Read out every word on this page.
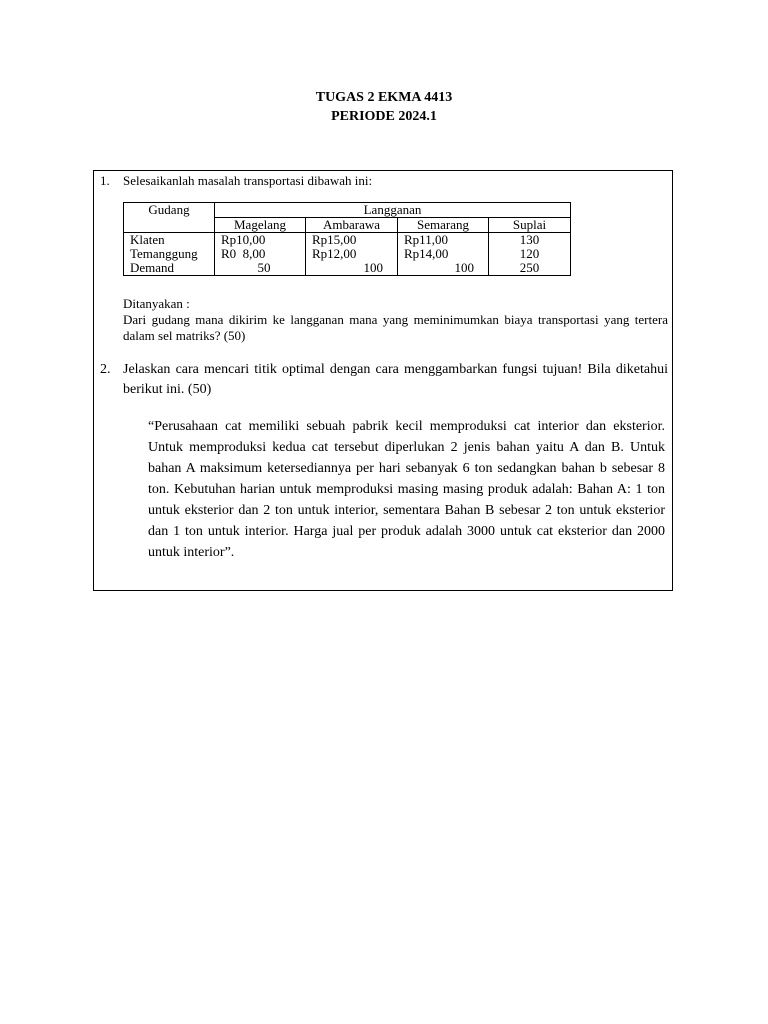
TUGAS 2 EKMA 4413
PERIODE 2024.1
1. Selesaikanlah masalah transportasi dibawah ini:
Gudang	Langganan			
	Magelang	Ambarawa	Semarang	Suplai
Klaten	Rp10,00	Rp15,00	Rp11,00	130
Temanggung	R0  8,00	Rp12,00	Rp14,00	120
Demand	50	100	100	250
Ditanyakan :
Dari gudang mana dikirim ke langganan mana yang meminimumkan biaya transportasi yang tertera dalam sel matriks? (50)
2. Jelaskan cara mencari titik optimal dengan cara menggambarkan fungsi tujuan! Bila diketahui berikut ini. (50)
“Perusahaan cat memiliki sebuah pabrik kecil memproduksi cat interior dan eksterior. Untuk memproduksi kedua cat tersebut diperlukan 2 jenis bahan yaitu A dan B. Untuk bahan A maksimum ketersediannya per hari sebanyak 6 ton sedangkan bahan b sebesar 8 ton. Kebutuhan harian untuk memproduksi masing masing produk adalah: Bahan A: 1 ton untuk eksterior dan 2 ton untuk interior, sementara Bahan B sebesar 2 ton untuk eksterior dan 1 ton untuk interior. Harga jual per produk adalah 3000 untuk cat eksterior dan 2000 untuk interior”.
